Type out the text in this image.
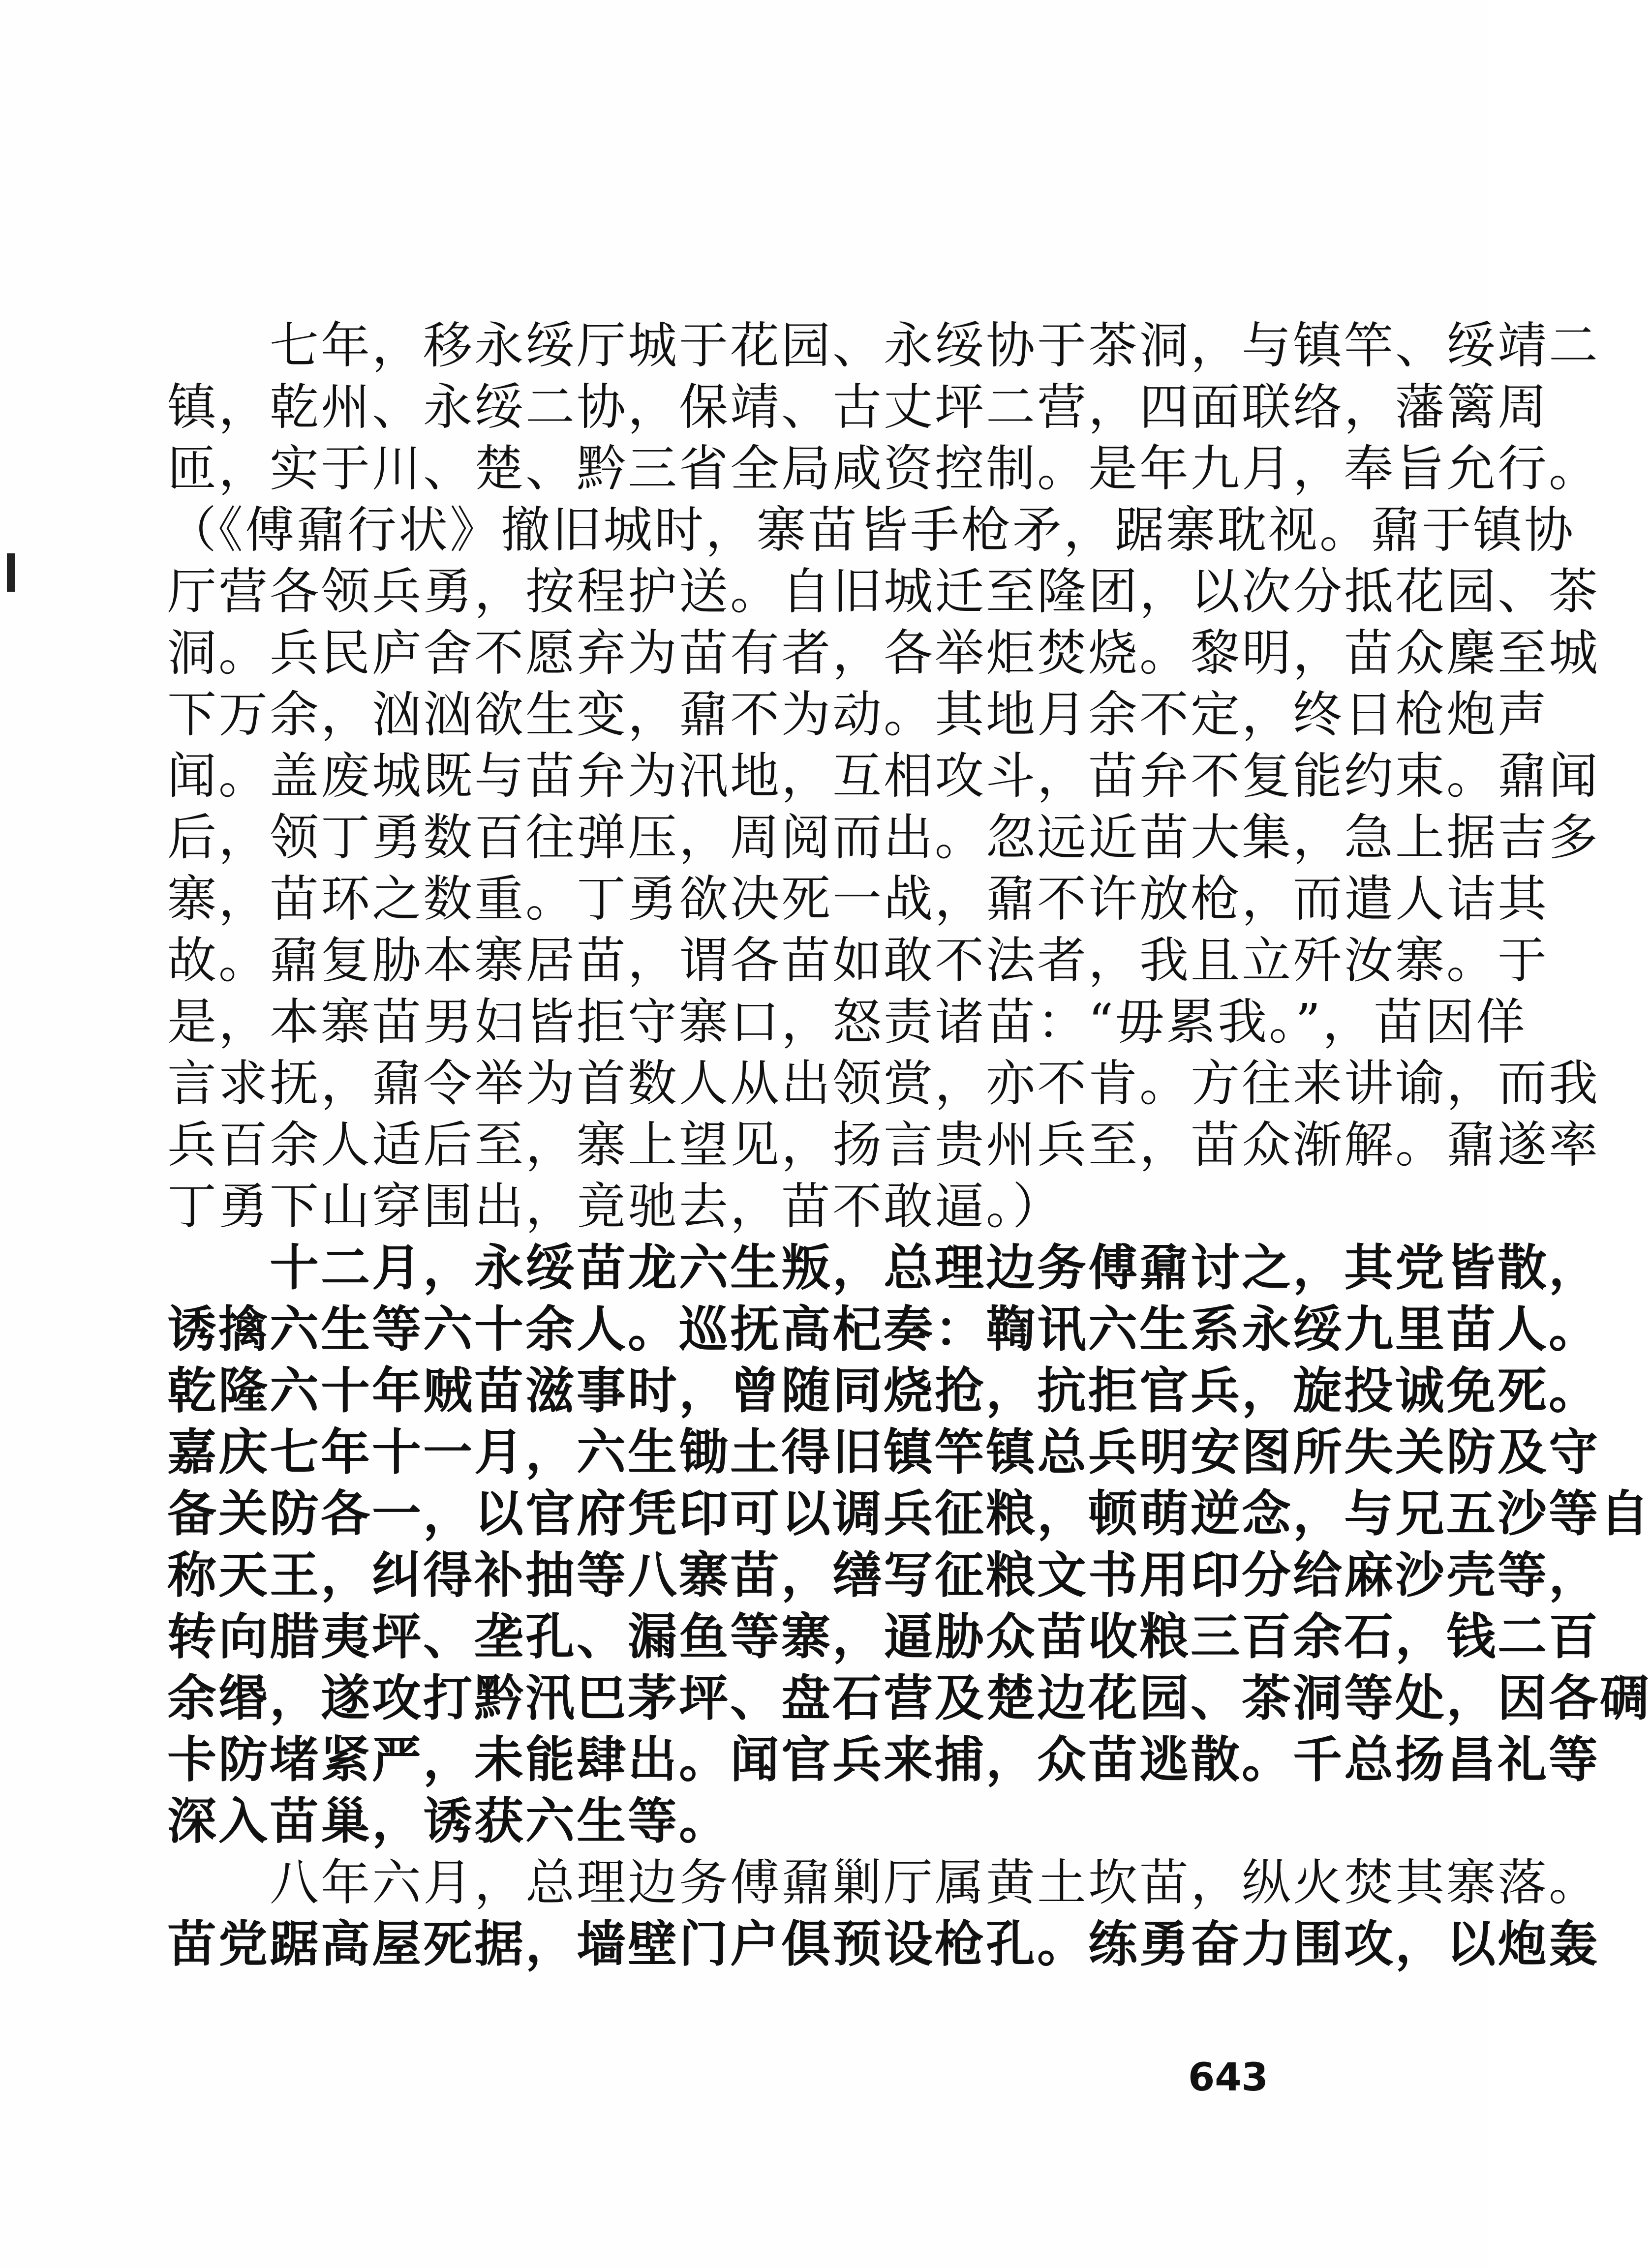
　　七年，移永绥厅城于花园、永绥协于茶洞，与镇竿、绥靖二
镇，乾州、永绥二协，保靖、古丈坪二营，四面联络，藩篱周
匝，实于川、楚、黔三省全局咸资控制。是年九月，奉旨允行。
（《傅鼐行状》撤旧城时，寨苗皆手枪矛，踞寨耽视。鼐于镇协
厅营各领兵勇，按程护送。自旧城迁至隆团，以次分抵花园、茶
洞。兵民庐舍不愿弃为苗有者，各举炬焚烧。黎明，苗众麇至城
下万余，汹汹欲生变，鼐不为动。其地月余不定，终日枪炮声
闻。盖废城既与苗弁为汛地，互相攻斗，苗弁不复能约束。鼐闻
后，领丁勇数百往弹压，周阅而出。忽远近苗大集，急上据吉多
寨，苗环之数重。丁勇欲决死一战，鼐不许放枪，而遣人诘其
故。鼐复胁本寨居苗，谓各苗如敢不法者，我且立歼汝寨。于
是，本寨苗男妇皆拒守寨口，怒责诸苗：“毋累我。”，苗因佯
言求抚，鼐令举为首数人从出领赏，亦不肯。方往来讲谕，而我
兵百余人适后至，寨上望见，扬言贵州兵至，苗众渐解。鼐遂率
丁勇下山穿围出，竟驰去，苗不敢逼。）
　　十二月，永绥苗龙六生叛，总理边务傅鼐讨之，其党皆散，
诱擒六生等六十余人。巡抚高杞奏：鞫讯六生系永绥九里苗人。
乾隆六十年贼苗滋事时，曾随同烧抢，抗拒官兵，旋投诚免死。
嘉庆七年十一月，六生锄土得旧镇竿镇总兵明安图所失关防及守
备关防各一，以官府凭印可以调兵征粮，顿萌逆念，与兄五沙等自
称天王，纠得补抽等八寨苗，缮写征粮文书用印分给麻沙壳等，
转向腊夷坪、垄孔、漏鱼等寨，逼胁众苗收粮三百余石，钱二百
余缗，遂攻打黔汛巴茅坪、盘石营及楚边花园、茶洞等处，因各碉
卡防堵紧严，未能肆出。闻官兵来捕，众苗逃散。千总扬昌礼等
深入苗巢，诱获六生等。
　　八年六月，总理边务傅鼐剿厅属黄土坎苗，纵火焚其寨落。
苗党踞高屋死据，墙壁门户俱预设枪孔。练勇奋力围攻，以炮轰
643
